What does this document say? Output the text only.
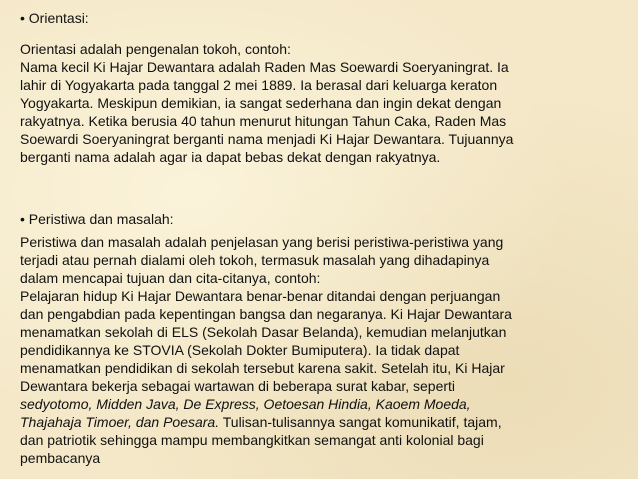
• Orientasi:
Orientasi adalah pengenalan tokoh, contoh:
Nama kecil Ki Hajar Dewantara adalah Raden Mas Soewardi Soeryaningrat. Ia
lahir di Yogyakarta pada tanggal 2 mei 1889. Ia berasal dari keluarga keraton
Yogyakarta. Meskipun demikian, ia sangat sederhana dan ingin dekat dengan
rakyatnya. Ketika berusia 40 tahun menurut hitungan Tahun Caka, Raden Mas
Soewardi Soeryaningrat berganti nama menjadi Ki Hajar Dewantara. Tujuannya
berganti nama adalah agar ia dapat bebas dekat dengan rakyatnya.
• Peristiwa dan masalah:
Peristiwa dan masalah adalah penjelasan yang berisi peristiwa-peristiwa yang
terjadi atau pernah dialami oleh tokoh, termasuk masalah yang dihadapinya
dalam mencapai tujuan dan cita-citanya, contoh:
Pelajaran hidup Ki Hajar Dewantara benar-benar ditandai dengan perjuangan
dan pengabdian pada kepentingan bangsa dan negaranya. Ki Hajar Dewantara
menamatkan sekolah di ELS (Sekolah Dasar Belanda), kemudian melanjutkan
pendidikannya ke STOVIA (Sekolah Dokter Bumiputera). Ia tidak dapat
menamatkan pendidikan di sekolah tersebut karena sakit. Setelah itu, Ki Hajar
Dewantara bekerja sebagai wartawan di beberapa surat kabar, seperti
sedyotomo, Midden Java, De Express, Oetoesan Hindia, Kaoem Moeda,
Thajahaja Timoer, dan Poesara. Tulisan-tulisannya sangat komunikatif, tajam,
dan patriotik sehingga mampu membangkitkan semangat anti kolonial bagi
pembacanya
